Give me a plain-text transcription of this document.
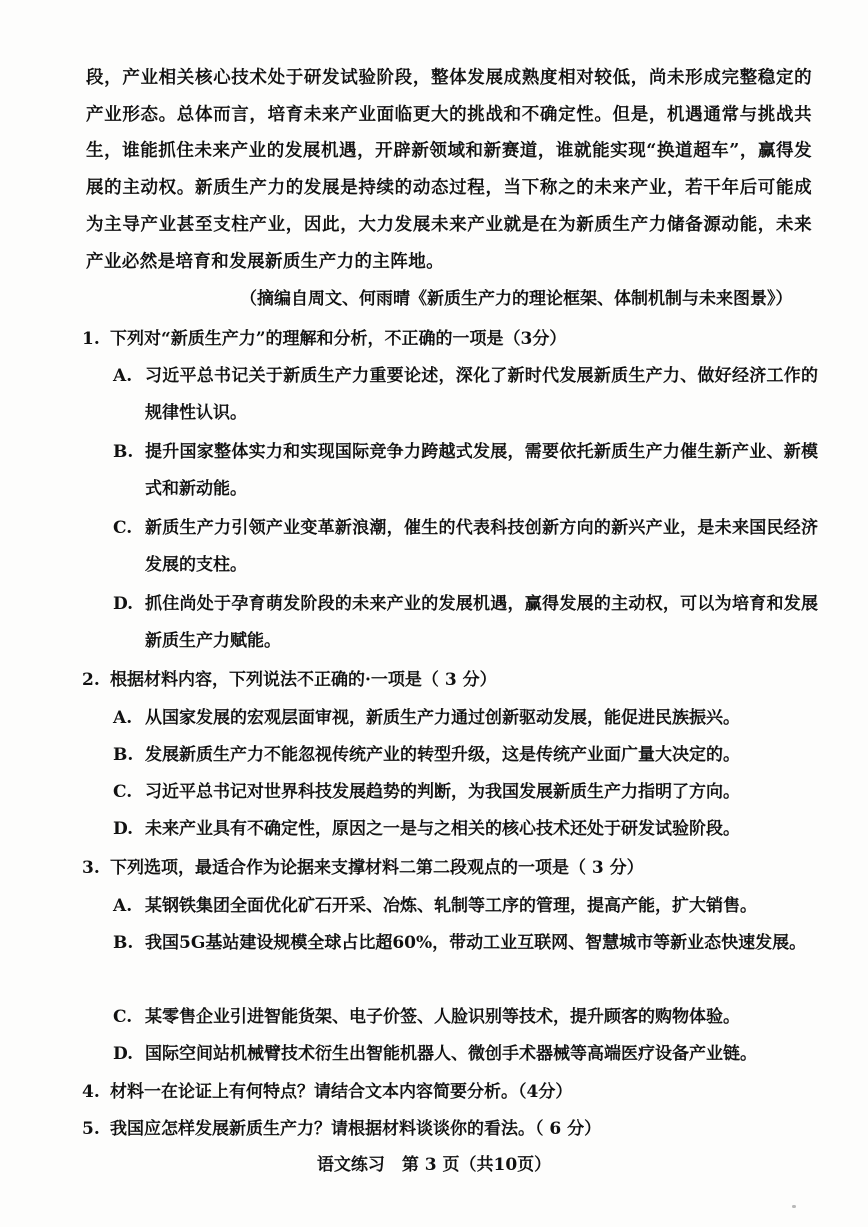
段，产业相关核心技术处于研发试验阶段，整体发展成熟度相对较低，尚未形成完整稳定的产业形态。总体而言，培育未来产业面临更大的挑战和不确定性。但是，机遇通常与挑战共生，谁能抓住未来产业的发展机遇，开辟新领域和新赛道，谁就能实现“换道超车”，赢得发展的主动权。新质生产力的发展是持续的动态过程，当下称之的未来产业，若干年后可能成为主导产业甚至支柱产业，因此，大力发展未来产业就是在为新质生产力储备源动能，未来产业必然是培育和发展新质生产力的主阵地。
（摘编自周文、何雨晴《新质生产力的理论框架、体制机制与未来图景》）
1. 下列对“新质生产力”的理解和分析，不正确的一项是（3分）
A. 习近平总书记关于新质生产力重要论述，深化了新时代发展新质生产力、做好经济工作的规律性认识。
B. 提升国家整体实力和实现国际竞争力跨越式发展，需要依托新质生产力催生新产业、新模式和新动能。
C. 新质生产力引领产业变革新浪潮，催生的代表科技创新方向的新兴产业，是未来国民经济发展的支柱。
D. 抓住尚处于孕育萌发阶段的未来产业的发展机遇，赢得发展的主动权，可以为培育和发展新质生产力赋能。
2. 根据材料内容，下列说法不正确的·一项是（ 3 分）
A. 从国家发展的宏观层面审视，新质生产力通过创新驱动发展，能促进民族振兴。
B. 发展新质生产力不能忽视传统产业的转型升级，这是传统产业面广量大决定的。
C. 习近平总书记对世界科技发展趋势的判断，为我国发展新质生产力指明了方向。
D. 未来产业具有不确定性，原因之一是与之相关的核心技术还处于研发试验阶段。
3. 下列选项，最适合作为论据来支撑材料二第二段观点的一项是（ 3 分）
A. 某钢铁集团全面优化矿石开采、冶炼、轧制等工序的管理，提高产能，扩大销售。
B. 我国5G基站建设规模全球占比超60%，带动工业互联网、智慧城市等新业态快速发展。
C. 某零售企业引进智能货架、电子价签、人脸识别等技术，提升顾客的购物体验。
D. 国际空间站机械臂技术衍生出智能机器人、微创手术器械等高端医疗设备产业链。
4. 材料一在论证上有何特点？请结合文本内容简要分析。（4分）
5. 我国应怎样发展新质生产力？请根据材料谈谈你的看法。（ 6 分）
语文练习　第 3 页（共10页）
